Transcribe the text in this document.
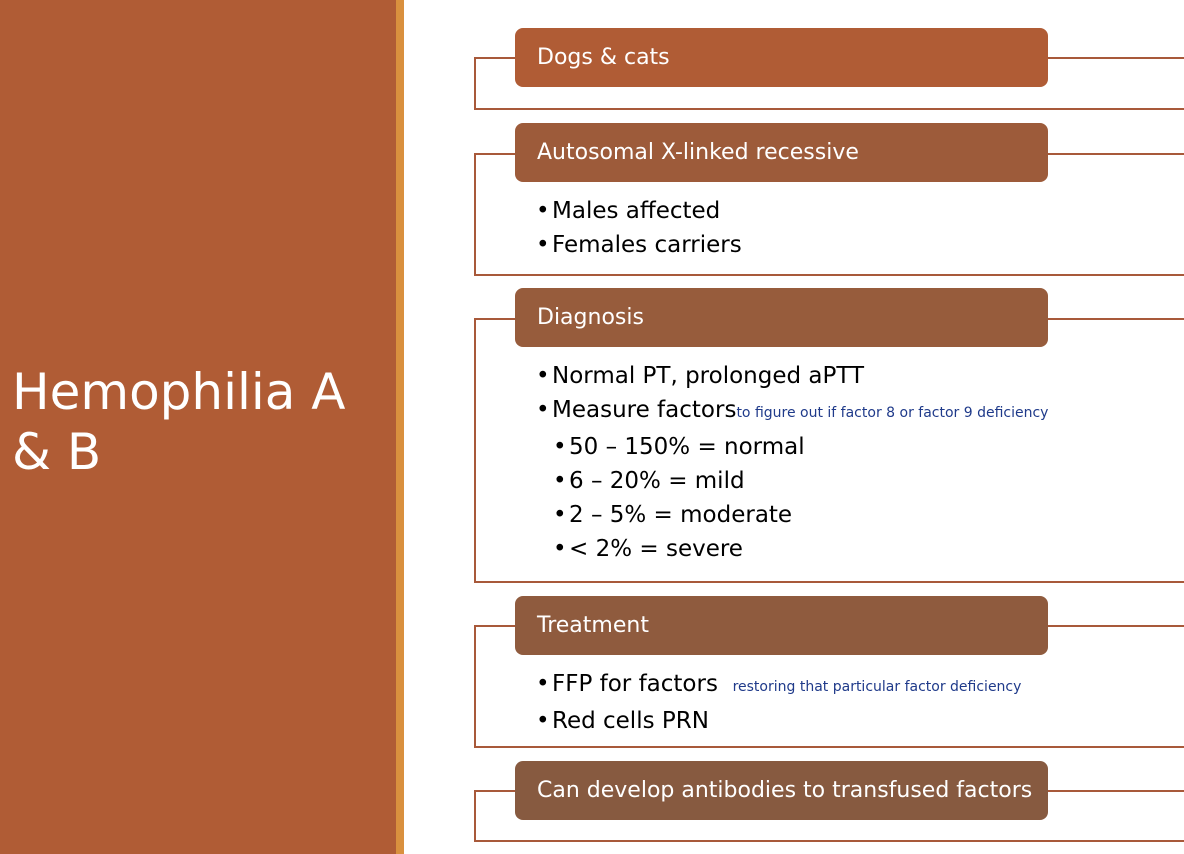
Hemophilia A
& B
Dogs & cats
Autosomal X-linked recessive
• Males affected
• Females carriers
Diagnosis
• Normal PT, prolonged aPTT
• Measure factorsto figure out if factor 8 or factor 9 deficiency
• 50 – 150% = normal
• 6 – 20% = mild
• 2 – 5% = moderate
• < 2% = severe
Treatment
• FFP for factors restoring that particular factor deficiency
• Red cells PRN
Can develop antibodies to transfused factors
